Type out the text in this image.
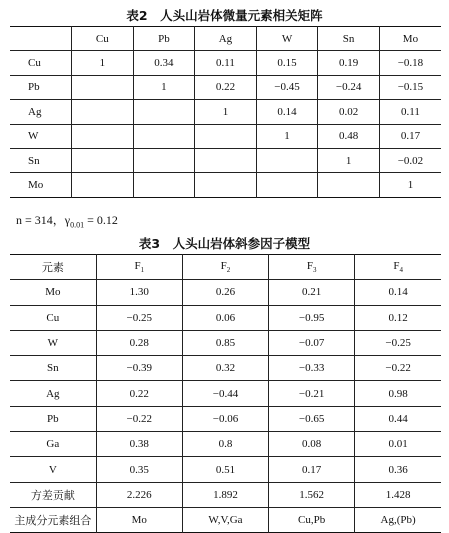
表2　人头山岩体微量元素相关矩阵
	Cu	Pb	Ag	W	Sn	Mo
Cu	1	0.34	0.11	0.15	0.19	−0.18
Pb		1	0.22	−0.45	−0.24	−0.15
Ag			1	0.14	0.02	0.11
W				1	0.48	0.17
Sn					1	−0.02
Mo						1
n = 314，$\gamma_{0.01} = 0.12$
表3　人头山岩体斜参因子模型
元素	$F_1$	$F_2$	$F_3$	$F_4$
Mo	1.30	0.26	0.21	0.14
Cu	−0.25	0.06	−0.95	0.12
W	0.28	0.85	−0.07	−0.25
Sn	−0.39	0.32	−0.33	−0.22
Ag	0.22	−0.44	−0.21	0.98
Pb	−0.22	−0.06	−0.65	0.44
Ga	0.38	0.8	0.08	0.01
V	0.35	0.51	0.17	0.36
方差贡献	2.226	1.892	1.562	1.428
主成分元素组合	Mo	W,V,Ga	Cu,Pb	Ag,(Pb)
